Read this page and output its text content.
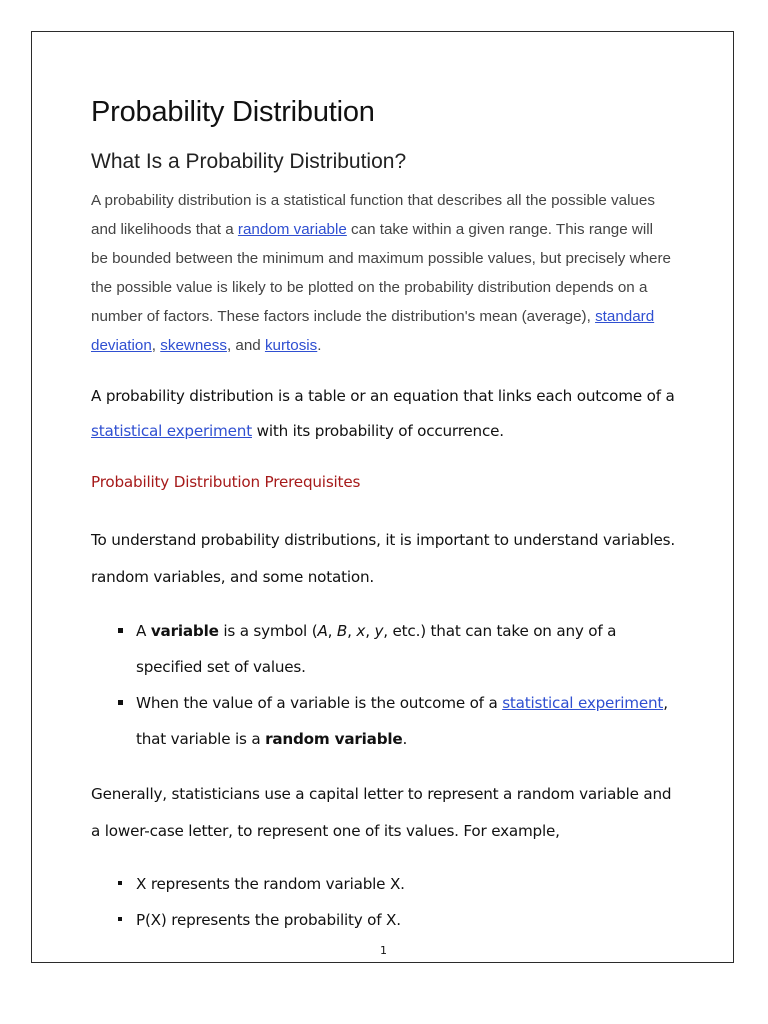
Probability Distribution
What Is a Probability Distribution?

A probability distribution is a statistical function that describes all the possible values and likelihoods that a random variable can take within a given range. This range will be bounded between the minimum and maximum possible values, but precisely where the possible value is likely to be plotted on the probability distribution depends on a number of factors. These factors include the distribution's mean (average), standard deviation, skewness, and kurtosis.

A probability distribution is a table or an equation that links each outcome of a statistical experiment with its probability of occurrence.

Probability Distribution Prerequisites

To understand probability distributions, it is important to understand variables. random variables, and some notation.

A variable is a symbol (A, B, x, y, etc.) that can take on any of a specified set of values.
When the value of a variable is the outcome of a statistical experiment, that variable is a random variable.

Generally, statisticians use a capital letter to represent a random variable and a lower-case letter, to represent one of its values. For example,

X represents the random variable X.
P(X) represents the probability of X.
1
